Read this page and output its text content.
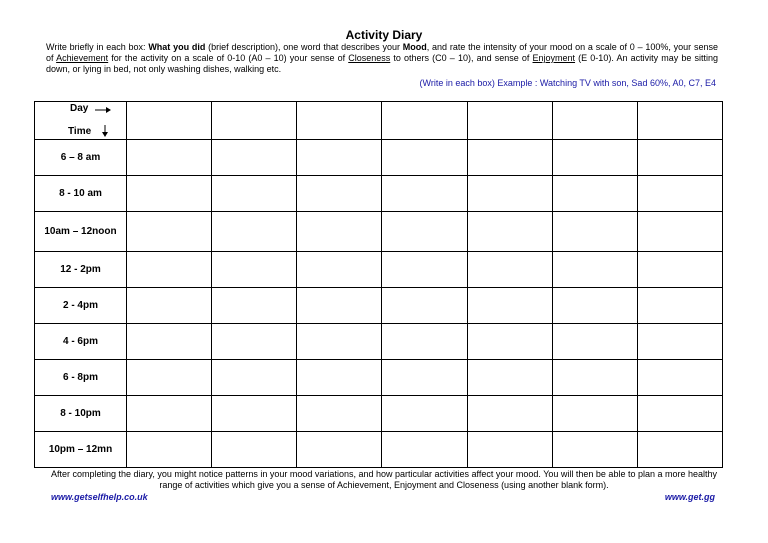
Activity Diary
Write briefly in each box: What you did (brief description), one word that describes your Mood, and rate the intensity of your mood on a scale of 0 – 100%, your sense of Achievement for the activity on a scale of 0-10 (A0 – 10) your sense of Closeness to others (C0 – 10), and sense of Enjoyment (E 0-10). An activity may be sitting down, or lying in bed, not only washing dishes, walking etc.
(Write in each box) Example : Watching TV with son, Sad 60%, A0, C7, E4
Day
Time							

6 – 8 am							
8 - 10 am							
10am – 12noon							
12 - 2pm							
2 - 4pm							
4 - 6pm							
6 - 8pm							
8 - 10pm							
10pm – 12mn							
After completing the diary, you might notice patterns in your mood variations, and how particular activities affect your mood. You will then be able to plan a more healthy range of activities which give you a sense of Achievement, Enjoyment and Closeness (using another blank form).
www.getselfhelp.co.uk	www.get.gg
